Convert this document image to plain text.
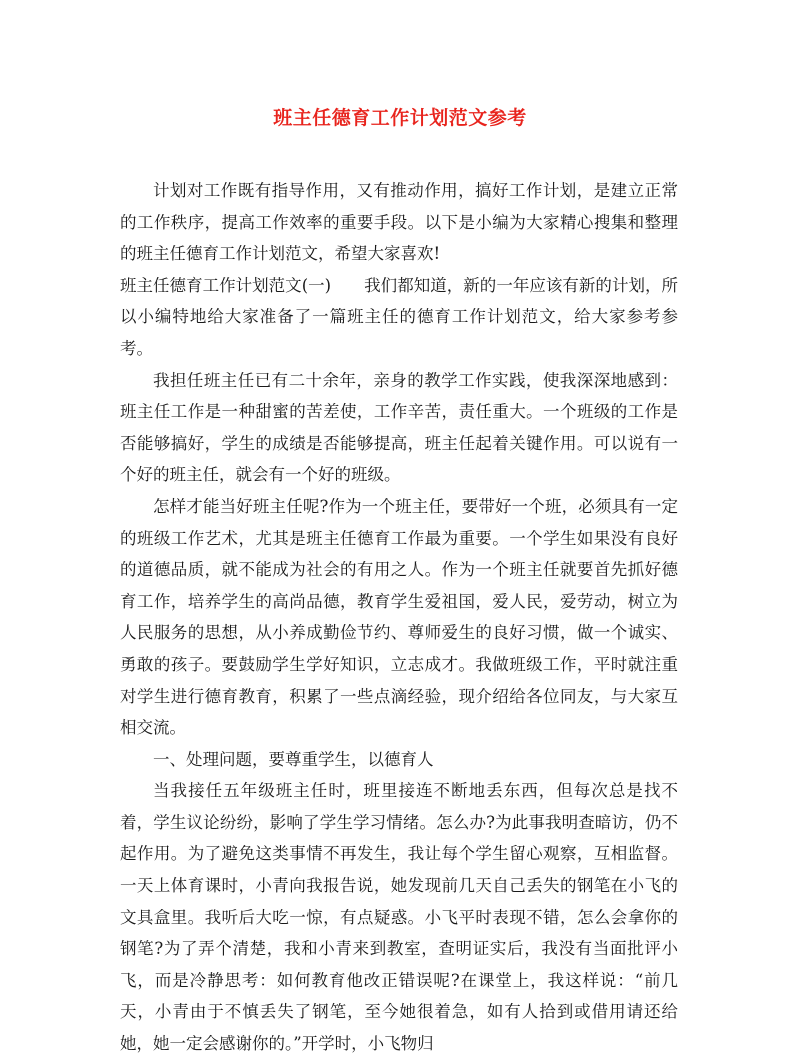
班主任德育工作计划范文参考

计划对工作既有指导作用，又有推动作用，搞好工作计划，是建立正常的工作秩序，提高工作效率的重要手段。以下是小编为大家精心搜集和整理的班主任德育工作计划范文，希望大家喜欢!

班主任德育工作计划范文(一)　　我们都知道，新的一年应该有新的计划，所以小编特地给大家准备了一篇班主任的德育工作计划范文，给大家参考参考。

我担任班主任已有二十余年，亲身的教学工作实践，使我深深地感到：班主任工作是一种甜蜜的苦差使，工作辛苦，责任重大。一个班级的工作是否能够搞好，学生的成绩是否能够提高，班主任起着关键作用。可以说有一个好的班主任，就会有一个好的班级。

怎样才能当好班主任呢?作为一个班主任，要带好一个班，必须具有一定的班级工作艺术，尤其是班主任德育工作最为重要。一个学生如果没有良好的道德品质，就不能成为社会的有用之人。作为一个班主任就要首先抓好德育工作，培养学生的高尚品德，教育学生爱祖国，爱人民，爱劳动，树立为人民服务的思想，从小养成勤俭节约、尊师爱生的良好习惯，做一个诚实、勇敢的孩子。要鼓励学生学好知识，立志成才。我做班级工作，平时就注重对学生进行德育教育，积累了一些点滴经验，现介绍给各位同友，与大家互相交流。

一、处理问题，要尊重学生，以德育人

当我接任五年级班主任时，班里接连不断地丢东西，但每次总是找不着，学生议论纷纷，影响了学生学习情绪。怎么办?为此事我明查暗访，仍不起作用。为了避免这类事情不再发生，我让每个学生留心观察，互相监督。一天上体育课时，小青向我报告说，她发现前几天自己丢失的钢笔在小飞的文具盒里。我听后大吃一惊，有点疑惑。小飞平时表现不错，怎么会拿你的钢笔?为了弄个清楚，我和小青来到教室，查明证实后，我没有当面批评小飞，而是冷静思考：如何教育他改正错误呢?在课堂上，我这样说：“前几天，小青由于不慎丢失了钢笔，至今她很着急，如有人拾到或借用请还给她，她一定会感谢你的。”开学时，小飞物归
